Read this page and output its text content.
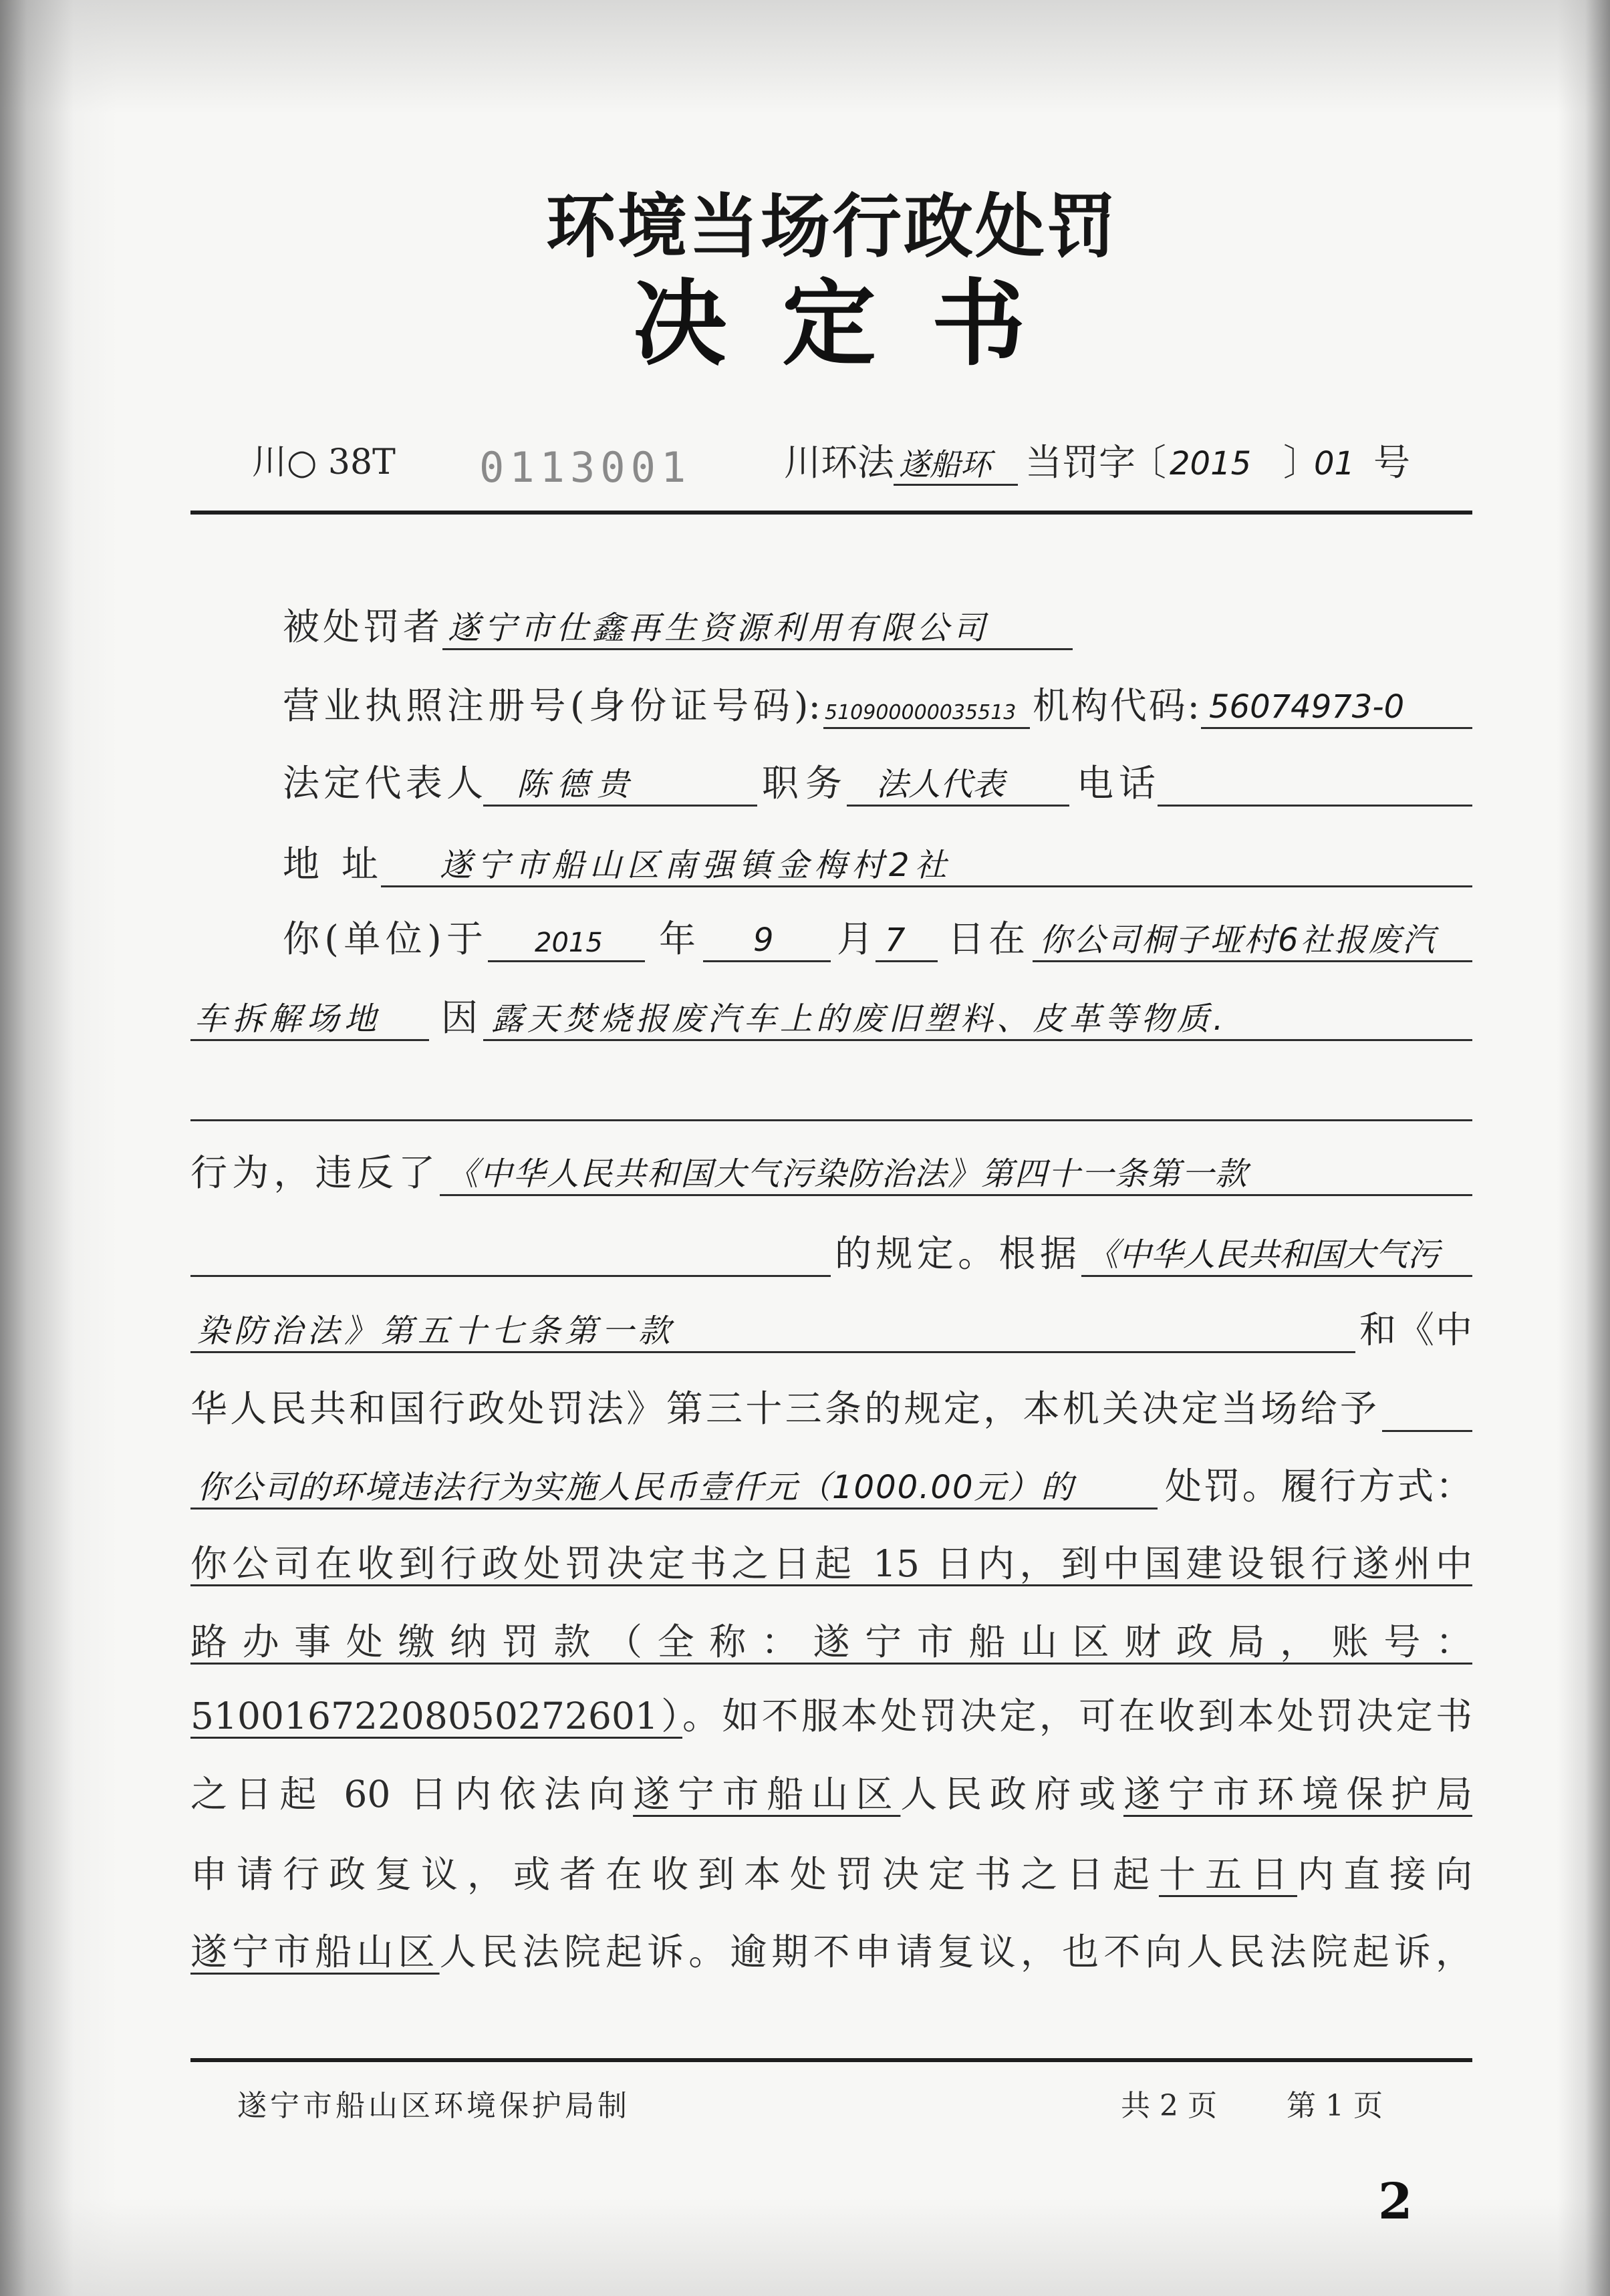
环境当场行政处罚
决 定 书
川○ 38T 0113001	川环法 遂船环 当罚字
〔 2015 〕
01 号
被处罚者 遂宁市仕鑫再生资源利用有限公司
营业执照注册号(身份证号码): 510900000035513 机构代码: 56074973-0
法定代表人 陈德贵	职务 法人代表 电话
地 址 遂宁市船山区南强镇金梅村2社
你(单位)于 2015 年 9 月 7 日在 你公司桐子垭村6社报废汽
车拆解场地 因 露天焚烧报废汽车上的废旧塑料、皮革等物质.
行为，违反了 《中华人民共和国大气污染防治法》第四十一条第一款
的规定。根据 《中华人民共和国大气污
染防治法》第五十七条第一款	和《中
华人民共和国行政处罚法》第三十三条的规定，本机关决定当场给予
你公司的环境违法行为实施人民币壹仟元（1000.00元）的 处罚。履行方式：
你公司在收到行政处罚决定书之日起 15 日内，到中国建设银行遂州中
路办事处缴纳罚款（全称：遂宁市船山区财政局，账号：
51001672208050272601）。如不服本处罚决定，可在收到本处罚决定书
之日起 60 日内依法向遂宁市船山区人民政府或遂宁市环境保护局
申请行政复议，或者在收到本处罚决定书之日起十五日内直接向
遂宁市船山区人民法院起诉。逾期不申请复议，也不向人民法院起诉，
遂宁市船山区环境保护局制	共 2 页 第 1 页
2
